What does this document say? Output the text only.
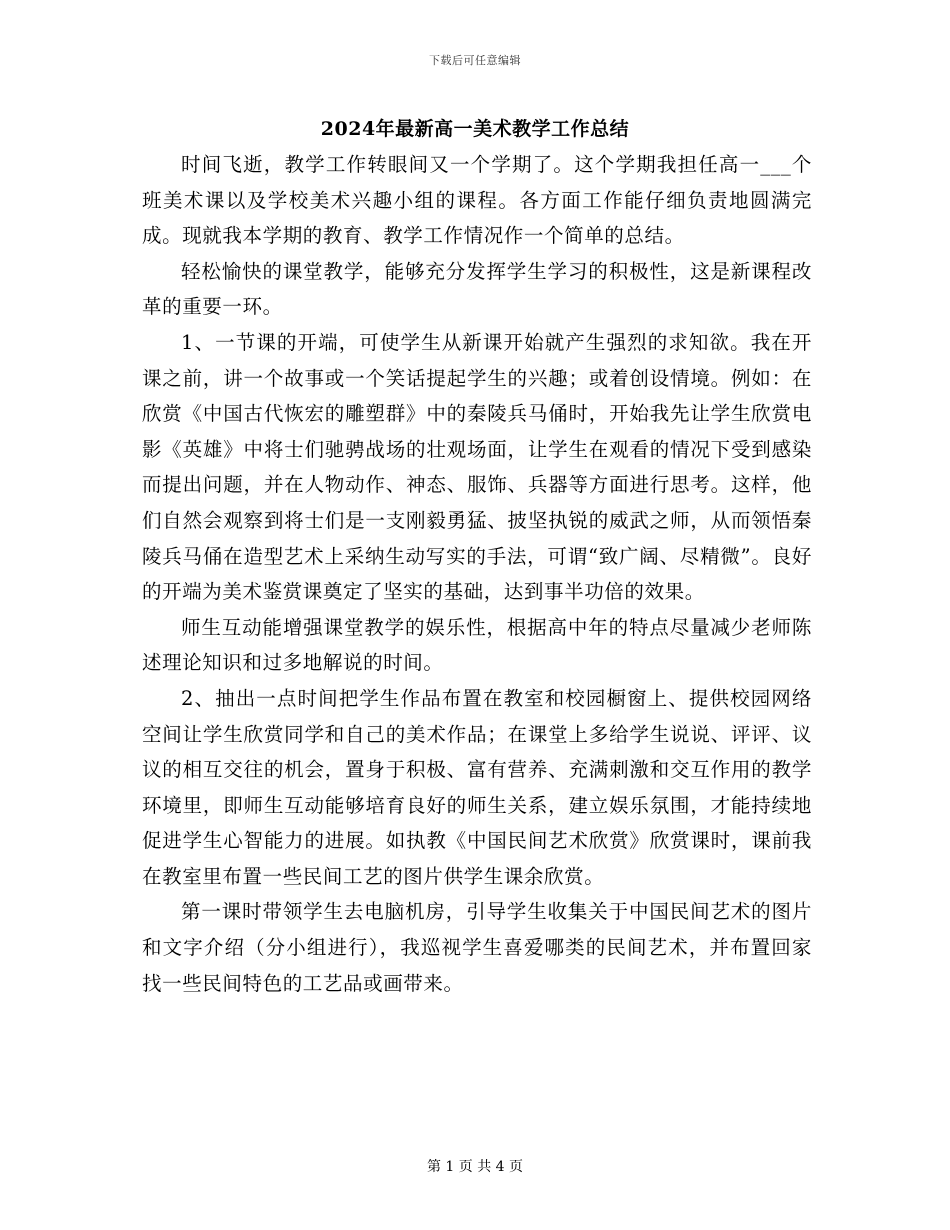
下载后可任意编辑
2024年最新高一美术教学工作总结

时间飞逝，教学工作转眼间又一个学期了。这个学期我担任高一___个班美术课以及学校美术兴趣小组的课程。各方面工作能仔细负责地圆满完成。现就我本学期的教育、教学工作情况作一个简单的总结。

轻松愉快的课堂教学，能够充分发挥学生学习的积极性，这是新课程改革的重要一环。

1、一节课的开端，可使学生从新课开始就产生强烈的求知欲。我在开课之前，讲一个故事或一个笑话提起学生的兴趣；或着创设情境。例如：在欣赏《中国古代恢宏的雕塑群》中的秦陵兵马俑时，开始我先让学生欣赏电影《英雄》中将士们驰骋战场的壮观场面，让学生在观看的情况下受到感染而提出问题，并在人物动作、神态、服饰、兵器等方面进行思考。这样，他们自然会观察到将士们是一支刚毅勇猛、披坚执锐的威武之师，从而领悟秦陵兵马俑在造型艺术上采纳生动写实的手法，可谓“致广阔、尽精微”。良好的开端为美术鉴赏课奠定了坚实的基础，达到事半功倍的效果。

师生互动能增强课堂教学的娱乐性，根据高中年的特点尽量减少老师陈述理论知识和过多地解说的时间。

2、抽出一点时间把学生作品布置在教室和校园橱窗上、提供校园网络空间让学生欣赏同学和自己的美术作品；在课堂上多给学生说说、评评、议议的相互交往的机会，置身于积极、富有营养、充满刺激和交互作用的教学环境里，即师生互动能够培育良好的师生关系，建立娱乐氛围，才能持续地促进学生心智能力的进展。如执教《中国民间艺术欣赏》欣赏课时，课前我在教室里布置一些民间工艺的图片供学生课余欣赏。

第一课时带领学生去电脑机房，引导学生收集关于中国民间艺术的图片和文字介绍（分小组进行），我巡视学生喜爱哪类的民间艺术，并布置回家找一些民间特色的工艺品或画带来。

第 1 页 共 4 页
